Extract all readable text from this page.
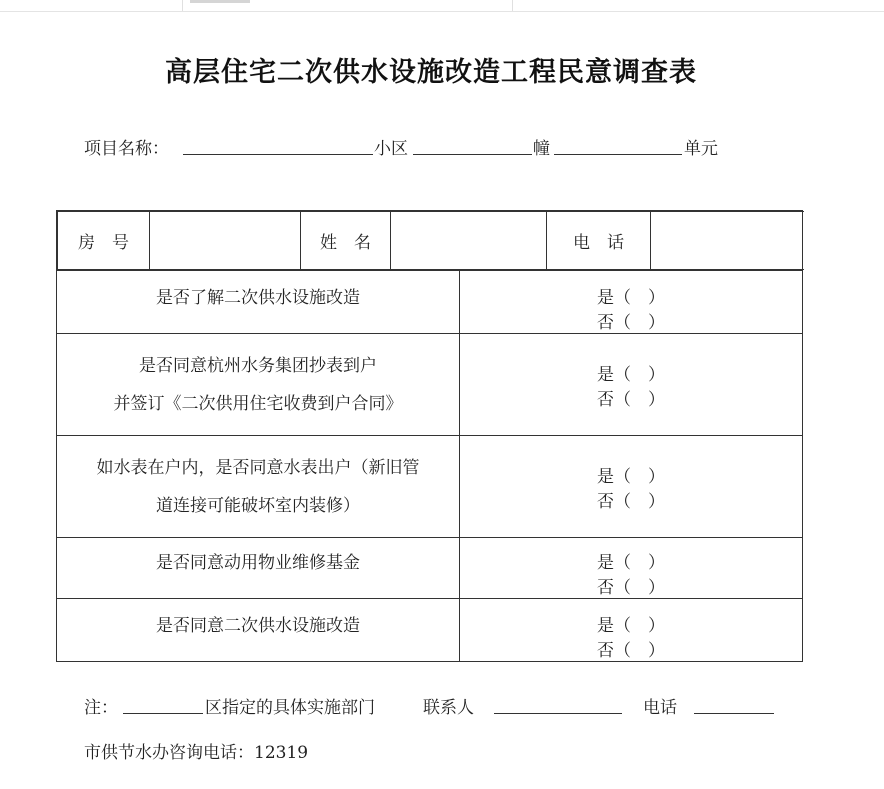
高层住宅二次供水设施改造工程民意调查表
项目名称：	小区	幢	单元
房　号		姓　名		电　话	

是否了解二次供水设施改造	是（　） 否（　）

是否同意杭州水务集团抄表到户
并签订《二次供用住宅收费到户合同》
	是（　） 否（　）

如水表在户内，是否同意水表出户（新旧管
道连接可能破坏室内装修）
	是（　） 否（　）

是否同意动用物业维修基金	是（　） 否（　）

是否同意二次供水设施改造	是（　） 否（　）
注：	区指定的具体实施部门	联系人	电话
市供节水办咨询电话：12319
